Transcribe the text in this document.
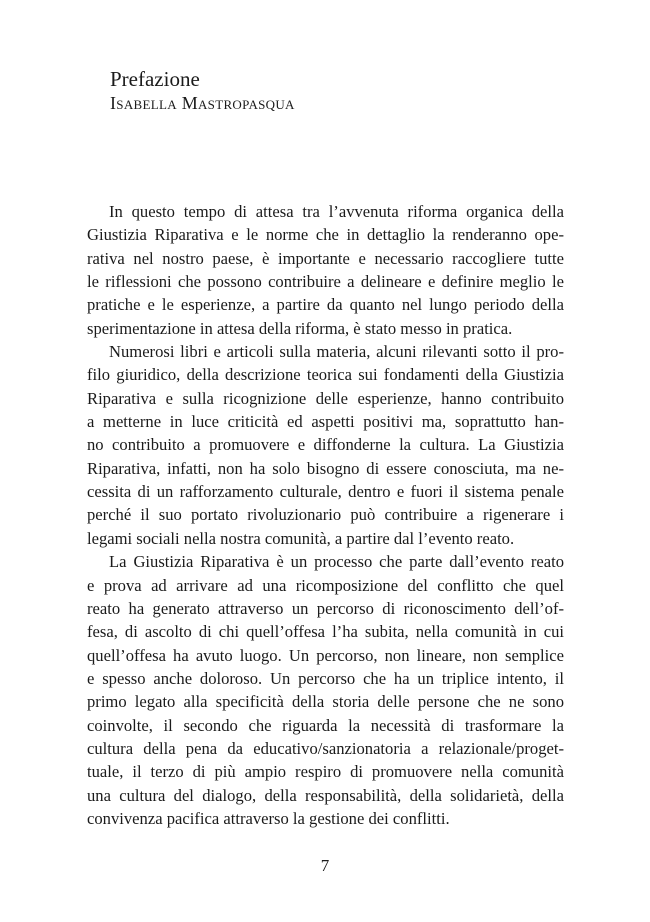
Prefazione
Isabella Mastropasqua
In questo tempo di attesa tra l’avvenuta riforma organica della
Giustizia Riparativa e le norme che in dettaglio la renderanno ope-
rativa nel nostro paese, è importante e necessario raccogliere tutte
le riflessioni che possono contribuire a delineare e definire meglio le
pratiche e le esperienze, a partire da quanto nel lungo periodo della
sperimentazione in attesa della riforma, è stato messo in pratica.
Numerosi libri e articoli sulla materia, alcuni rilevanti sotto il pro-
filo giuridico, della descrizione teorica sui fondamenti della Giustizia
Riparativa e sulla ricognizione delle esperienze, hanno contribuito
a metterne in luce criticità ed aspetti positivi ma, soprattutto han-
no contribuito a promuovere e diffonderne la cultura. La Giustizia
Riparativa, infatti, non ha solo bisogno di essere conosciuta, ma ne-
cessita di un rafforzamento culturale, dentro e fuori il sistema penale
perché il suo portato rivoluzionario può contribuire a rigenerare i
legami sociali nella nostra comunità, a partire dal l’evento reato.
La Giustizia Riparativa è un processo che parte dall’evento reato
e prova ad arrivare ad una ricomposizione del conflitto che quel
reato ha generato attraverso un percorso di riconoscimento dell’of-
fesa, di ascolto di chi quell’offesa l’ha subita, nella comunità in cui
quell’offesa ha avuto luogo. Un percorso, non lineare, non semplice
e spesso anche doloroso. Un percorso che ha un triplice intento, il
primo legato alla specificità della storia delle persone che ne sono
coinvolte, il secondo che riguarda la necessità di trasformare la
cultura della pena da educativo/sanzionatoria a relazionale/proget-
tuale, il terzo di più ampio respiro di promuovere nella comunità
una cultura del dialogo, della responsabilità, della solidarietà, della
convivenza pacifica attraverso la gestione dei conflitti.
7
